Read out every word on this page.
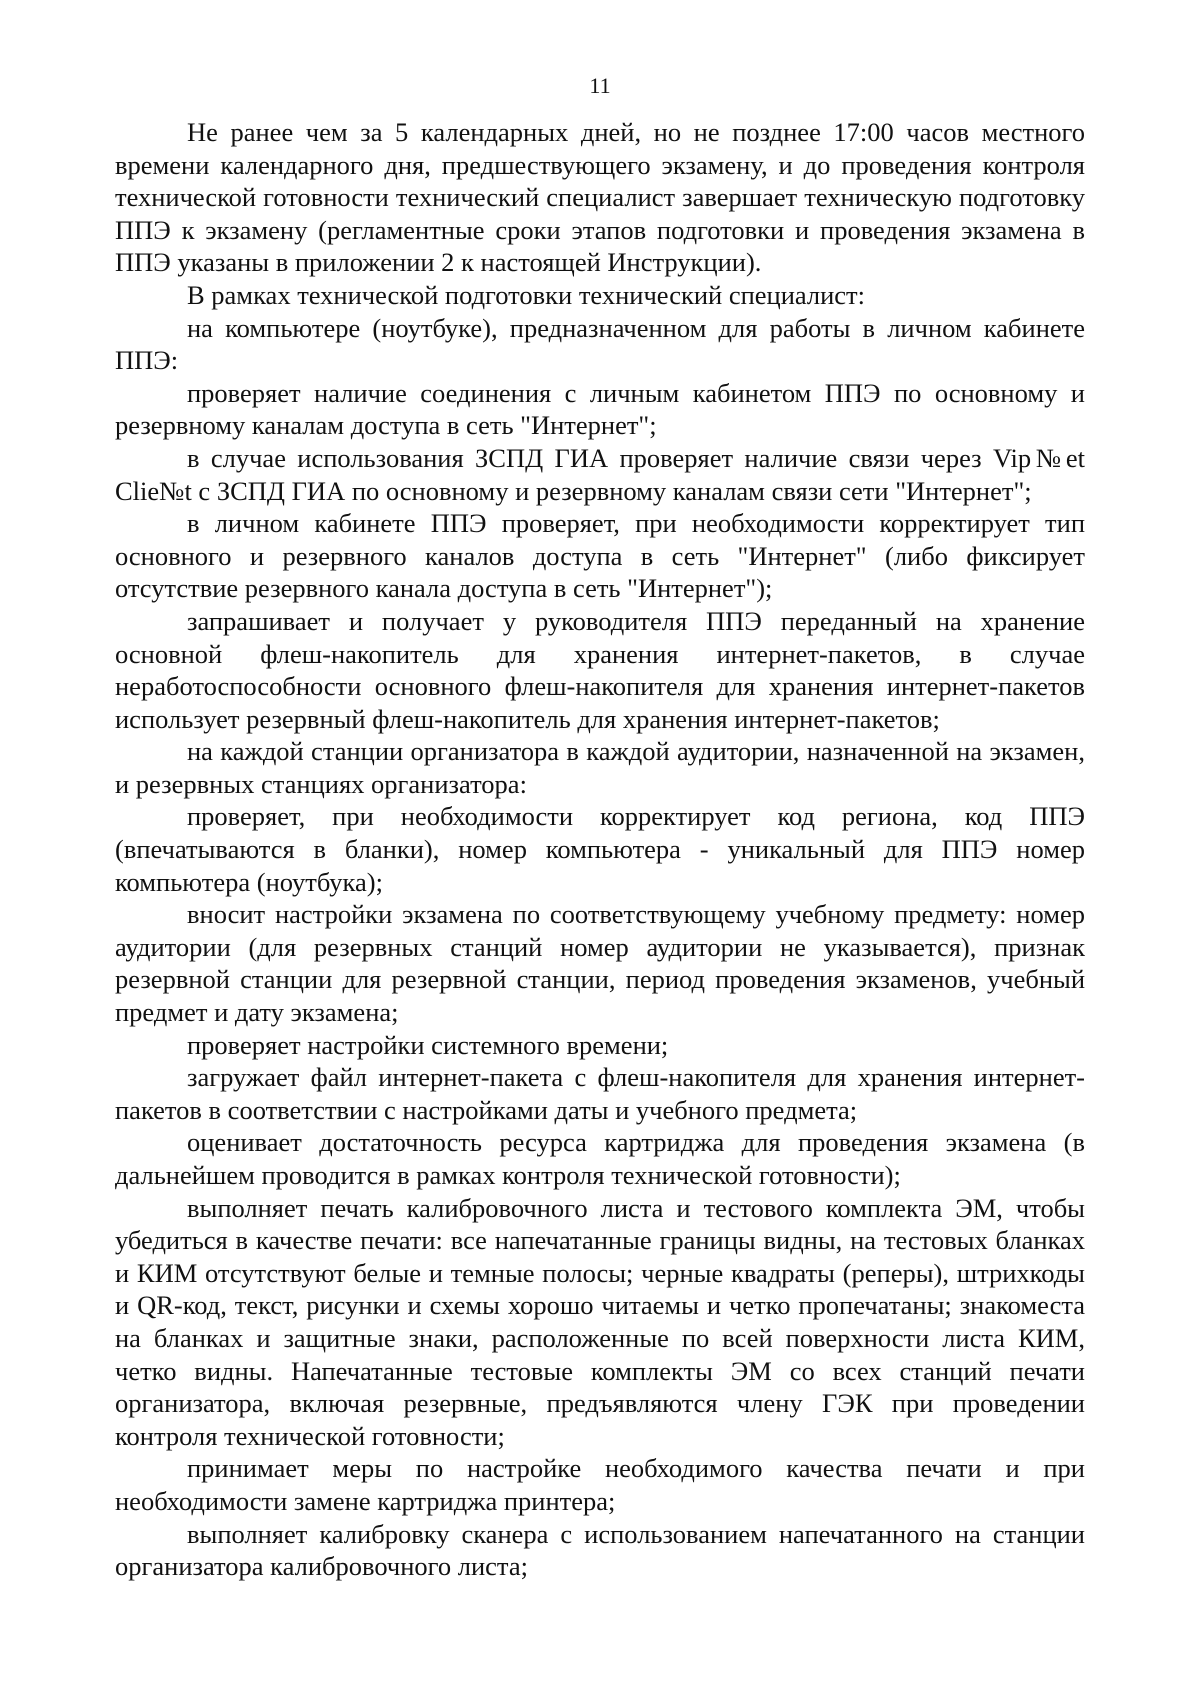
11

Не ранее чем за 5 календарных дней, но не позднее 17:00 часов местного времени календарного дня, предшествующего экзамену, и до проведения контроля технической готовности технический специалист завершает техническую подготовку ППЭ к экзамену (регламентные сроки этапов подготовки и проведения экзамена в ППЭ указаны в приложении 2 к настоящей Инструкции).

В рамках технической подготовки технический специалист:

на компьютере (ноутбуке), предназначенном для работы в личном кабинете ППЭ:

проверяет наличие соединения с личным кабинетом ППЭ по основному и резервному каналам доступа в сеть "Интернет";

в случае использования ЗСПД ГИА проверяет наличие связи через Vip№et Clie№t с ЗСПД ГИА по основному и резервному каналам связи сети "Интернет";

в личном кабинете ППЭ проверяет, при необходимости корректирует тип основного и резервного каналов доступа в сеть "Интернет" (либо фиксирует отсутствие резервного канала доступа в сеть "Интернет");

запрашивает и получает у руководителя ППЭ переданный на хранение основной флеш-накопитель для хранения интернет-пакетов, в случае неработоспособности основного флеш-накопителя для хранения интернет-пакетов использует резервный флеш-накопитель для хранения интернет-пакетов;

на каждой станции организатора в каждой аудитории, назначенной на экзамен, и резервных станциях организатора:

проверяет, при необходимости корректирует код региона, код ППЭ (впечатываются в бланки), номер компьютера - уникальный для ППЭ номер компьютера (ноутбука);

вносит настройки экзамена по соответствующему учебному предмету: номер аудитории (для резервных станций номер аудитории не указывается), признак резервной станции для резервной станции, период проведения экзаменов, учебный предмет и дату экзамена;

проверяет настройки системного времени;

загружает файл интернет-пакета с флеш-накопителя для хранения интернет-пакетов в соответствии с настройками даты и учебного предмета;

оценивает достаточность ресурса картриджа для проведения экзамена (в дальнейшем проводится в рамках контроля технической готовности);

выполняет печать калибровочного листа и тестового комплекта ЭМ, чтобы убедиться в качестве печати: все напечатанные границы видны, на тестовых бланках и КИМ отсутствуют белые и темные полосы; черные квадраты (реперы), штрихкоды и QR-код, текст, рисунки и схемы хорошо читаемы и четко пропечатаны; знакоместа на бланках и защитные знаки, расположенные по всей поверхности листа КИМ, четко видны. Напечатанные тестовые комплекты ЭМ со всех станций печати организатора, включая резервные, предъявляются члену ГЭК при проведении контроля технической готовности;

принимает меры по настройке необходимого качества печати и при необходимости замене картриджа принтера;

выполняет калибровку сканера с использованием напечатанного на станции организатора калибровочного листа;
